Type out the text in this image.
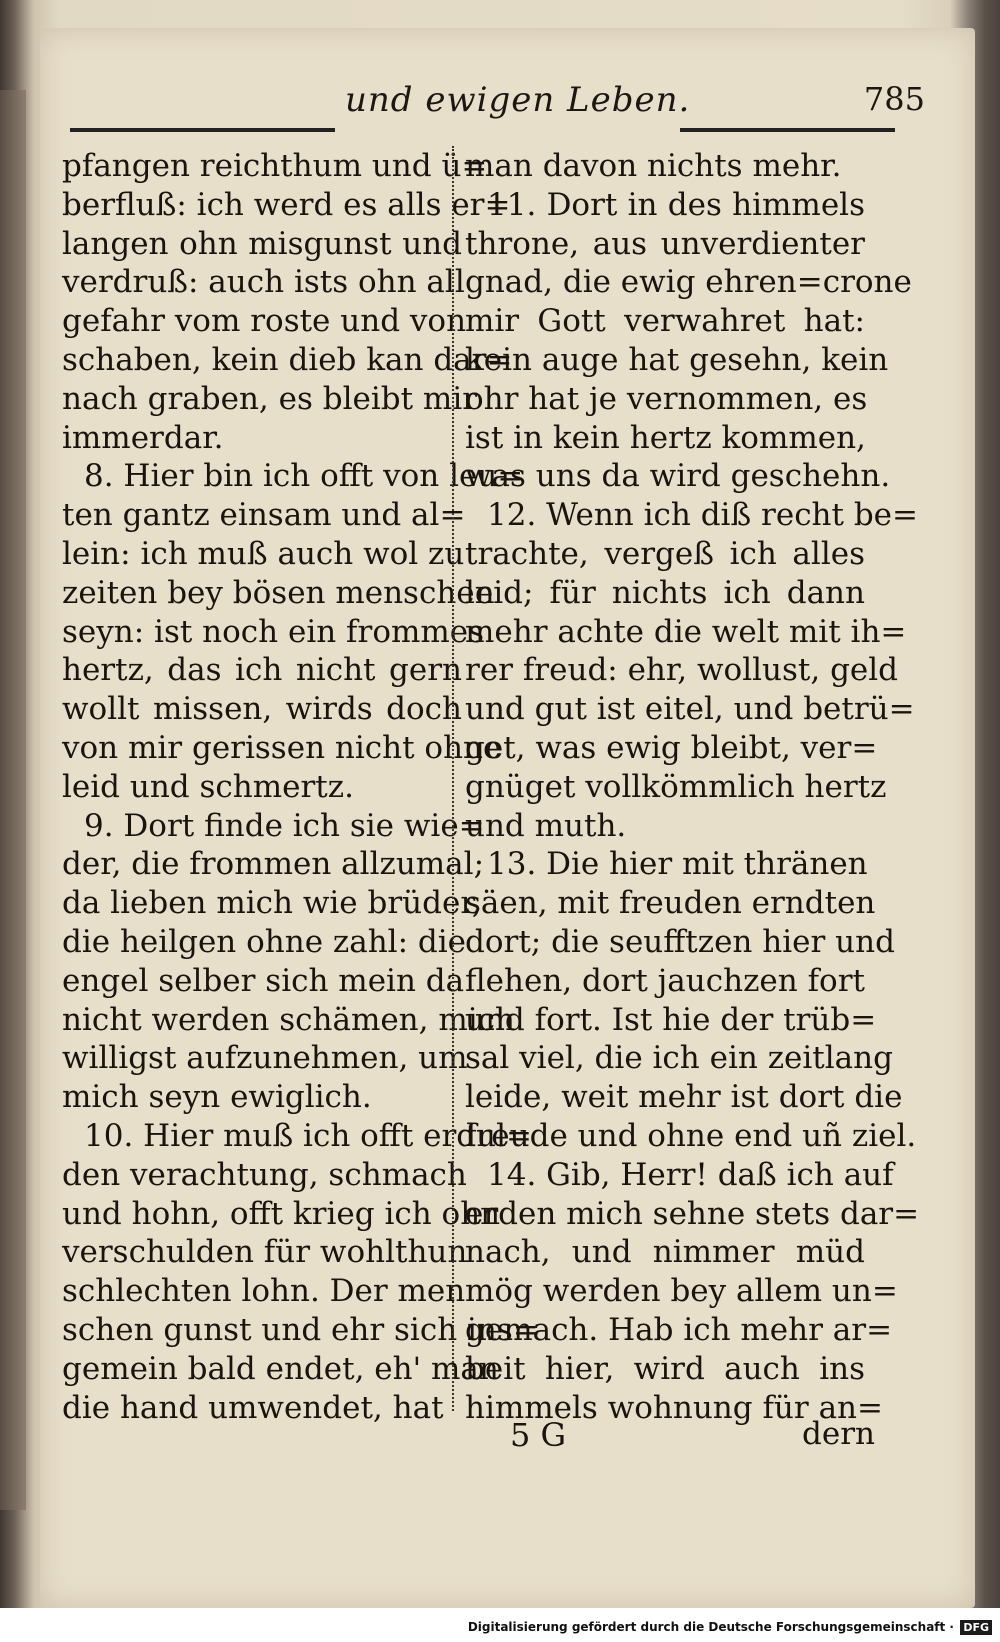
und ewigen Leben.	785
pfangen reichthum und ü=
berfluß: ich werd es alls er=
langen ohn misgunst und
verdruß: auch ists ohn all
gefahr vom roste und von
schaben, kein dieb kan dar=
nach graben, es bleibt mir
immerdar.
8. Hier bin ich offt von leu=
ten gantz einsam und al=
lein: ich muß auch wol zu
zeiten bey bösen menschen
seyn: ist noch ein frommes
hertz, das ich nicht gern
wollt missen, wirds doch
von mir gerissen nicht ohne
leid und schmertz.
9. Dort finde ich sie wie=
der, die frommen allzumal;
da lieben mich wie brüder,
die heilgen ohne zahl: die
engel selber sich mein da
nicht werden schämen, mich
willigst aufzunehmen, um
mich seyn ewiglich.
10. Hier muß ich offt erdul=
den verachtung, schmach
und hohn, offt krieg ich ohn
verschulden für wohlthun
schlechten lohn. Der men
schen gunst und ehr sich ins=
gemein bald endet, eh' man
die hand umwendet, hat
man davon nichts mehr.
11. Dort in des himmels
throne, aus unverdienter
gnad, die ewig ehren=crone
mir Gott verwahret hat:
kein auge hat gesehn, kein
ohr hat je vernommen, es
ist in kein hertz kommen,
was uns da wird geschehn.
12. Wenn ich diß recht be=
trachte, vergeß ich alles
leid; für nichts ich dann
mehr achte die welt mit ih=
rer freud: ehr, wollust, geld
und gut ist eitel, und betrü=
get, was ewig bleibt, ver=
gnüget vollkömmlich hertz
und muth.
13. Die hier mit thränen
säen, mit freuden erndten
dort; die seufftzen hier und
flehen, dort jauchzen fort
und fort. Ist hie der trüb=
sal viel, die ich ein zeitlang
leide, weit mehr ist dort die
freude und ohne end uñ ziel.
14. Gib, Herr! daß ich auf
erden mich sehne stets dar=
nach, und nimmer müd
mög werden bey allem un=
gemach. Hab ich mehr ar=
beit hier, wird auch ins
himmels wohnung für an=
5 G	dern
Digitalisierung gefördert durch die Deutsche Forschungsgemeinschaft · DFG
